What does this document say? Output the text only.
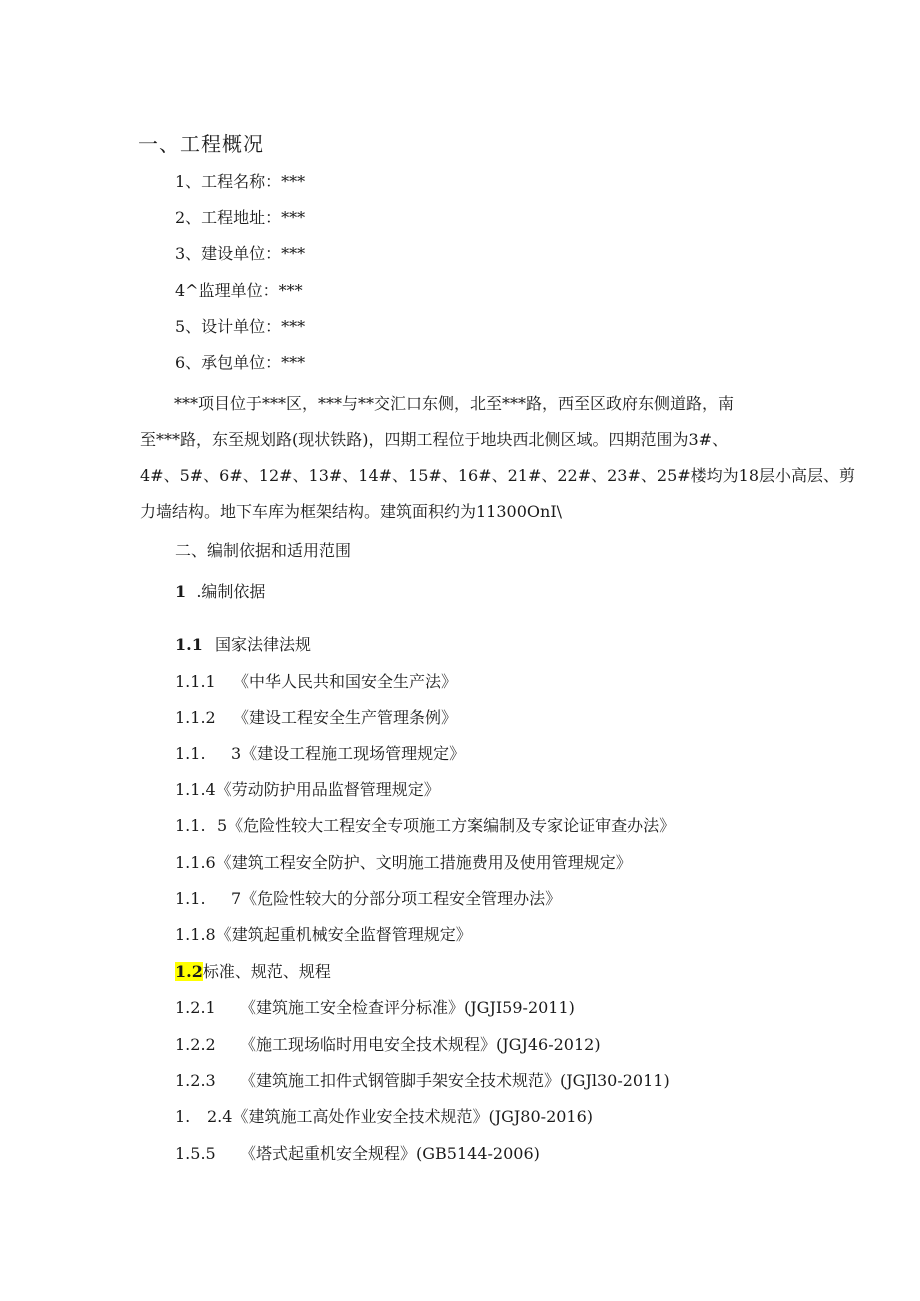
一、工程概况
1、工程名称：***
2、工程地址：***
3、建设单位：***
4^监理单位：***
5、设计单位：***
6、承包单位：***
***项目位于***区，***与**交汇口东侧，北至***路，西至区政府东侧道路，南
至***路，东至规划路(现状铁路)，四期工程位于地块西北侧区域。四期范围为3#、
4#、5#、6#、12#、13#、14#、15#、16#、21#、22#、23#、25#楼均为18层小高层、剪
力墙结构。地下车库为框架结构。建筑面积约为11300OnI\
二、编制依据和适用范围
1 .编制依据
1.1 国家法律法规
1.1.1 《中华人民共和国安全生产法》
1.1.2 《建设工程安全生产管理条例》
1.1. 3《建设工程施工现场管理规定》
1.1.4《劳动防护用品监督管理规定》
1.1. 5《危险性较大工程安全专项施工方案编制及专家论证审查办法》
1.1.6《建筑工程安全防护、文明施工措施费用及使用管理规定》
1.1. 7《危险性较大的分部分项工程安全管理办法》
1.1.8《建筑起重机械安全监督管理规定》
1.2标准、规范、规程
1.2.1 《建筑施工安全检查评分标准》(JGJI59-2011)
1.2.2 《施工现场临时用电安全技术规程》(JGJ46-2012)
1.2.3 《建筑施工扣件式钢管脚手架安全技术规范》(JGJl30-2011)
1. 2.4《建筑施工高处作业安全技术规范》(JGJ80-2016)
1.5.5 《塔式起重机安全规程》(GB5144-2006)
